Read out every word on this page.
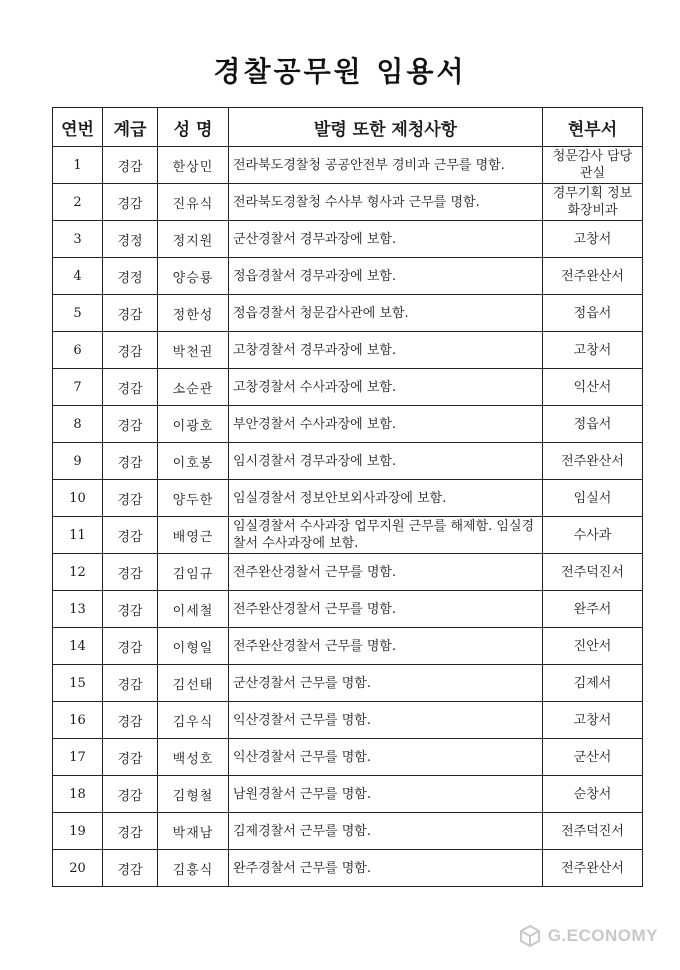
경찰공무원 임용서
연번	계급	성 명	발령 또한 제청사항	현부서
1	경감	한상민	전라북도경찰청 공공안전부 경비과 근무를 명함.	청문감사 담당관실
2	경감	진유식	전라북도경찰청 수사부 형사과 근무를 명함.	경무기획 정보화장비과
3	경정	정지원	군산경찰서 경무과장에 보함.	고창서
4	경정	양승룡	정읍경찰서 경무과장에 보함.	전주완산서
5	경감	정한성	정읍경찰서 청문감사관에 보함.	정읍서
6	경감	박천권	고창경찰서 경무과장에 보함.	고창서
7	경감	소순관	고창경찰서 수사과장에 보함.	익산서
8	경감	이광호	부안경찰서 수사과장에 보함.	정읍서
9	경감	이호봉	임시경찰서 경무과장에 보함.	전주완산서
10	경감	양두한	임실경찰서 정보안보외사과장에 보함.	임실서
11	경감	배영근	임실경찰서 수사과장 업무지원 근무를 해제함. 임실경찰서 수사과장에 보함.	수사과
12	경감	김임규	전주완산경찰서 근무를 명함.	전주덕진서
13	경감	이세철	전주완산경찰서 근무를 명함.	완주서
14	경감	이형일	전주완산경찰서 근무를 명함.	진안서
15	경감	김선태	군산경찰서 근무를 명함.	김제서
16	경감	김우식	익산경찰서 근무를 명함.	고창서
17	경감	백성호	익산경찰서 근무를 명함.	군산서
18	경감	김형철	남원경찰서 근무를 명함.	순창서
19	경감	박재남	김제경찰서 근무를 명함.	전주덕진서
20	경감	김흥식	완주경찰서 근무를 명함.	전주완산서
G.ECONOMY
